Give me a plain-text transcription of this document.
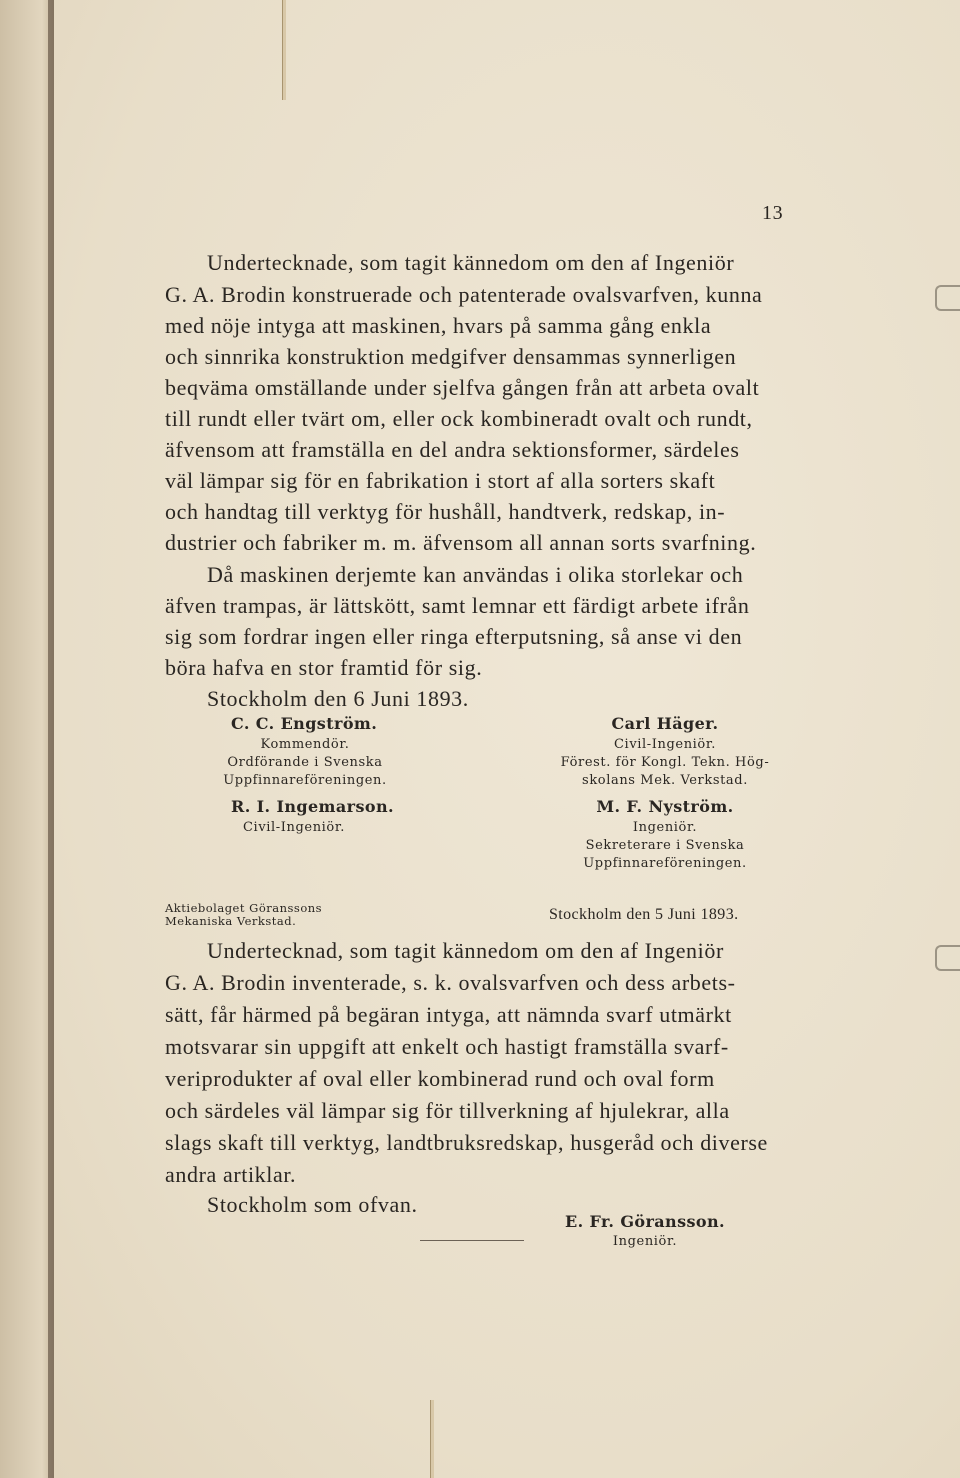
13
Undertecknade, som tagit kännedom om den af Ingeniör
G. A. Brodin konstruerade och patenterade ovalsvarfven, kunna
med nöje intyga att maskinen, hvars på samma gång enkla
och sinnrika konstruktion medgifver densammas synnerligen
beqväma omställande under sjelfva gången från att arbeta ovalt
till rundt eller tvärt om, eller ock kombineradt ovalt och rundt,
äfvensom att framställa en del andra sektionsformer, särdeles
väl lämpar sig för en fabrikation i stort af alla sorters skaft
och handtag till verktyg för hushåll, handtverk, redskap, in-
dustrier och fabriker m. m. äfvensom all annan sorts svarfning.
Då maskinen derjemte kan användas i olika storlekar och
äfven trampas, är lättskött, samt lemnar ett färdigt arbete ifrån
sig som fordrar ingen eller ringa efterputsning, så anse vi den
böra hafva en stor framtid för sig.
Stockholm den 6 Juni 1893.
C. C. Engström.
Kommendör.
Ordförande i Svenska
Uppfinnareföreningen.
R. I. Ingemarson.
Civil-Ingeniör.
Carl Häger.
Civil-Ingeniör.
Förest. för Kongl. Tekn. Hög-
skolans Mek. Verkstad.
M. F. Nyström.
Ingeniör.
Sekreterare i Svenska
Uppfinnareföreningen.
Aktiebolaget Göranssons
Mekaniska Verkstad.	Stockholm den 5 Juni 1893.
Undertecknad, som tagit kännedom om den af Ingeniör
G. A. Brodin inventerade, s. k. ovalsvarfven och dess arbets-
sätt, får härmed på begäran intyga, att nämnda svarf utmärkt
motsvarar sin uppgift att enkelt och hastigt framställa svarf-
veriprodukter af oval eller kombinerad rund och oval form
och särdeles väl lämpar sig för tillverkning af hjulekrar, alla
slags skaft till verktyg, landtbruksredskap, husgeråd och diverse
andra artiklar.
Stockholm som ofvan.
E. Fr. Göransson.
Ingeniör.
